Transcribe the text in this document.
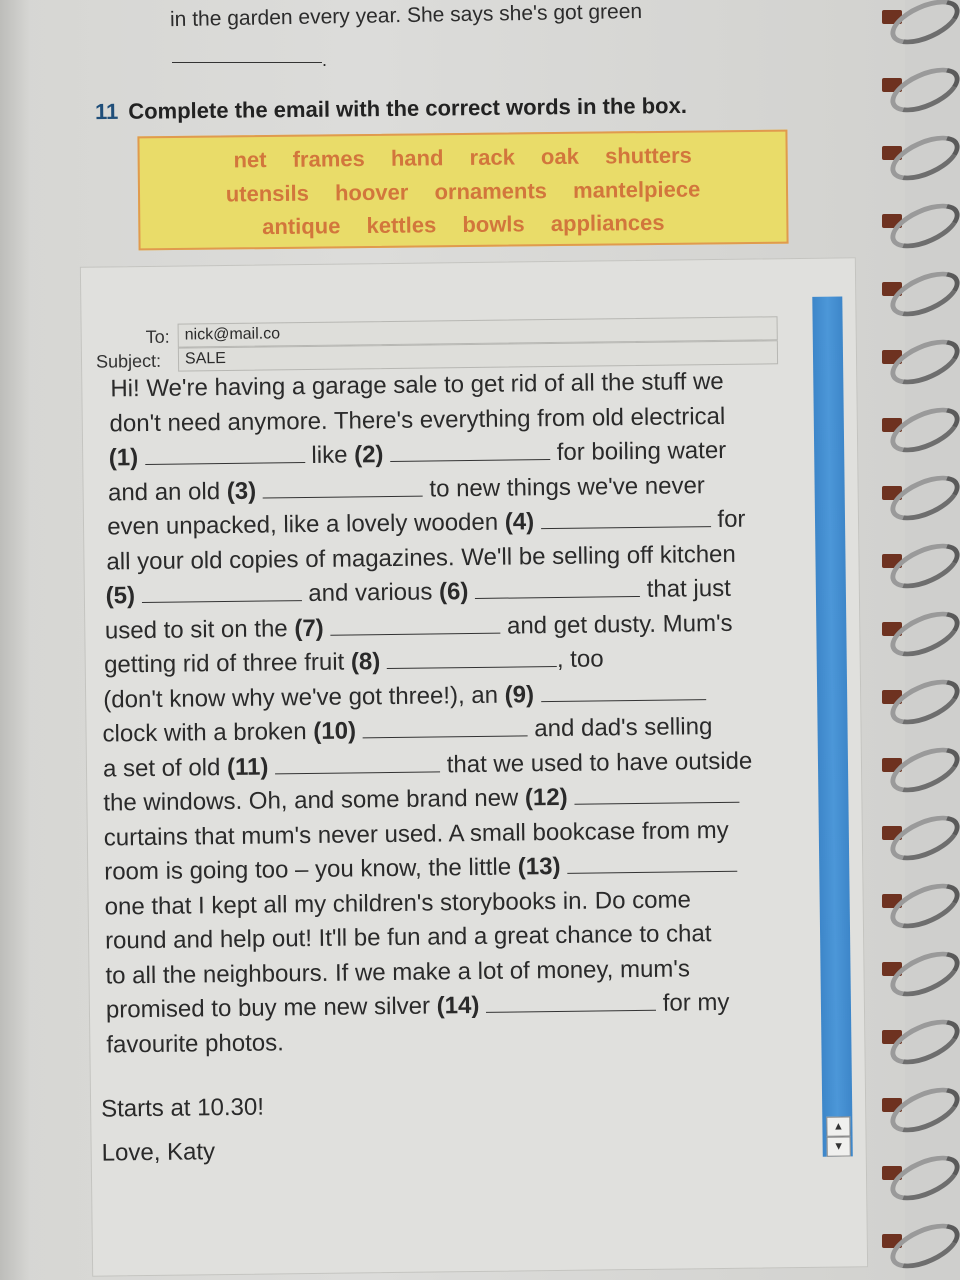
in the garden every year. She says she's got green
.
11 Complete the email with the correct words in the box.
net frames hand rack oak shutters
utensils hoover ornaments mantelpiece
antique kettles bowls appliances
To: nick@mail.co
Subject:	SALE
▲
▼
Hi! We're having a garage sale to get rid of all the stuff we
don't need anymore. There's everything from old electrical
(1)	like (2)	for boiling water
and an old (3)	to new things we've never
even unpacked, like a lovely wooden (4)	for
all your old copies of magazines. We'll be selling off kitchen
(5)	and various (6)	that just
used to sit on the (7)	and get dusty. Mum's
getting rid of three fruit (8)	, too
(don't know why we've got three!), an (9)
clock with a broken (10)	and dad's selling
a set of old (11)	that we used to have outside
the windows. Oh, and some brand new (12)
curtains that mum's never used. A small bookcase from my
room is going too – you know, the little (13)
one that I kept all my children's storybooks in. Do come
round and help out! It'll be fun and a great chance to chat
to all the neighbours. If we make a lot of money, mum's
promised to buy me new silver (14)	for my
favourite photos.
Starts at 10.30!
Love, Katy
